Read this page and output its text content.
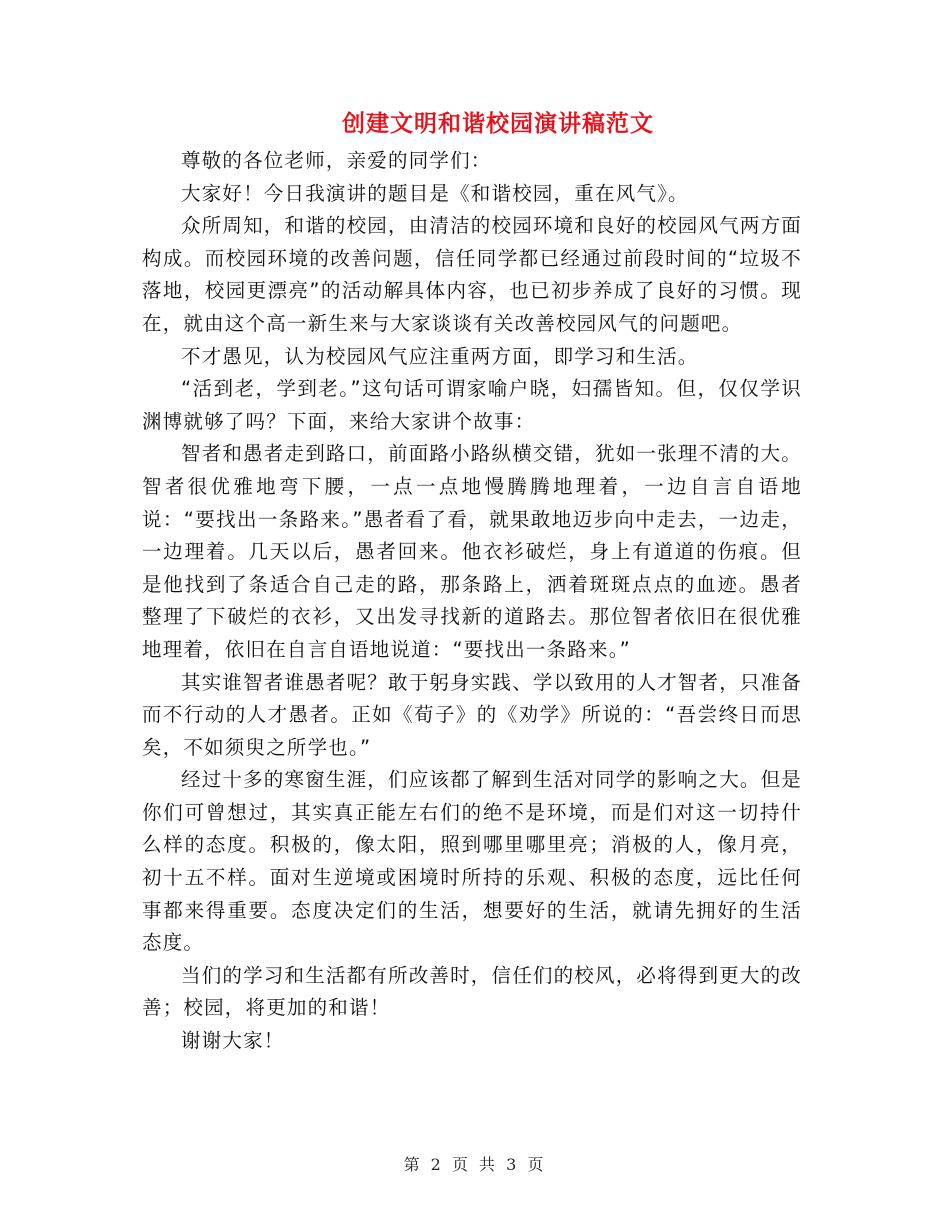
创建文明和谐校园演讲稿范文

尊敬的各位老师，亲爱的同学们：

大家好！今日我演讲的题目是《和谐校园，重在风气》。

众所周知，和谐的校园，由清洁的校园环境和良好的校园风气两方面构成。而校园环境的改善问题，信任同学都已经通过前段时间的“垃圾不落地，校园更漂亮”的活动解具体内容，也已初步养成了良好的习惯。现在，就由这个高一新生来与大家谈谈有关改善校园风气的问题吧。

不才愚见，认为校园风气应注重两方面，即学习和生活。

“活到老，学到老。”这句话可谓家喻户晓，妇孺皆知。但，仅仅学识渊博就够了吗？下面，来给大家讲个故事：

智者和愚者走到路口，前面路小路纵横交错，犹如一张理不清的大。智者很优雅地弯下腰，一点一点地慢腾腾地理着，一边自言自语地说：“要找出一条路来。”愚者看了看，就果敢地迈步向中走去，一边走，一边理着。几天以后，愚者回来。他衣衫破烂，身上有道道的伤痕。但是他找到了条适合自己走的路，那条路上，洒着斑斑点点的血迹。愚者整理了下破烂的衣衫，又出发寻找新的道路去。那位智者依旧在很优雅地理着，依旧在自言自语地说道：“要找出一条路来。”

其实谁智者谁愚者呢？敢于躬身实践、学以致用的人才智者，只准备而不行动的人才愚者。正如《荀子》的《劝学》所说的：“吾尝终日而思矣，不如须臾之所学也。”

经过十多的寒窗生涯，们应该都了解到生活对同学的影响之大。但是你们可曾想过，其实真正能左右们的绝不是环境，而是们对这一切持什么样的态度。积极的，像太阳，照到哪里哪里亮；消极的人，像月亮，初十五不样。面对生逆境或困境时所持的乐观、积极的态度，远比任何事都来得重要。态度决定们的生活，想要好的生活，就请先拥好的生活态度。

当们的学习和生活都有所改善时，信任们的校风，必将得到更大的改善；校园，将更加的和谐！

谢谢大家！

第 2 页 共 3 页
